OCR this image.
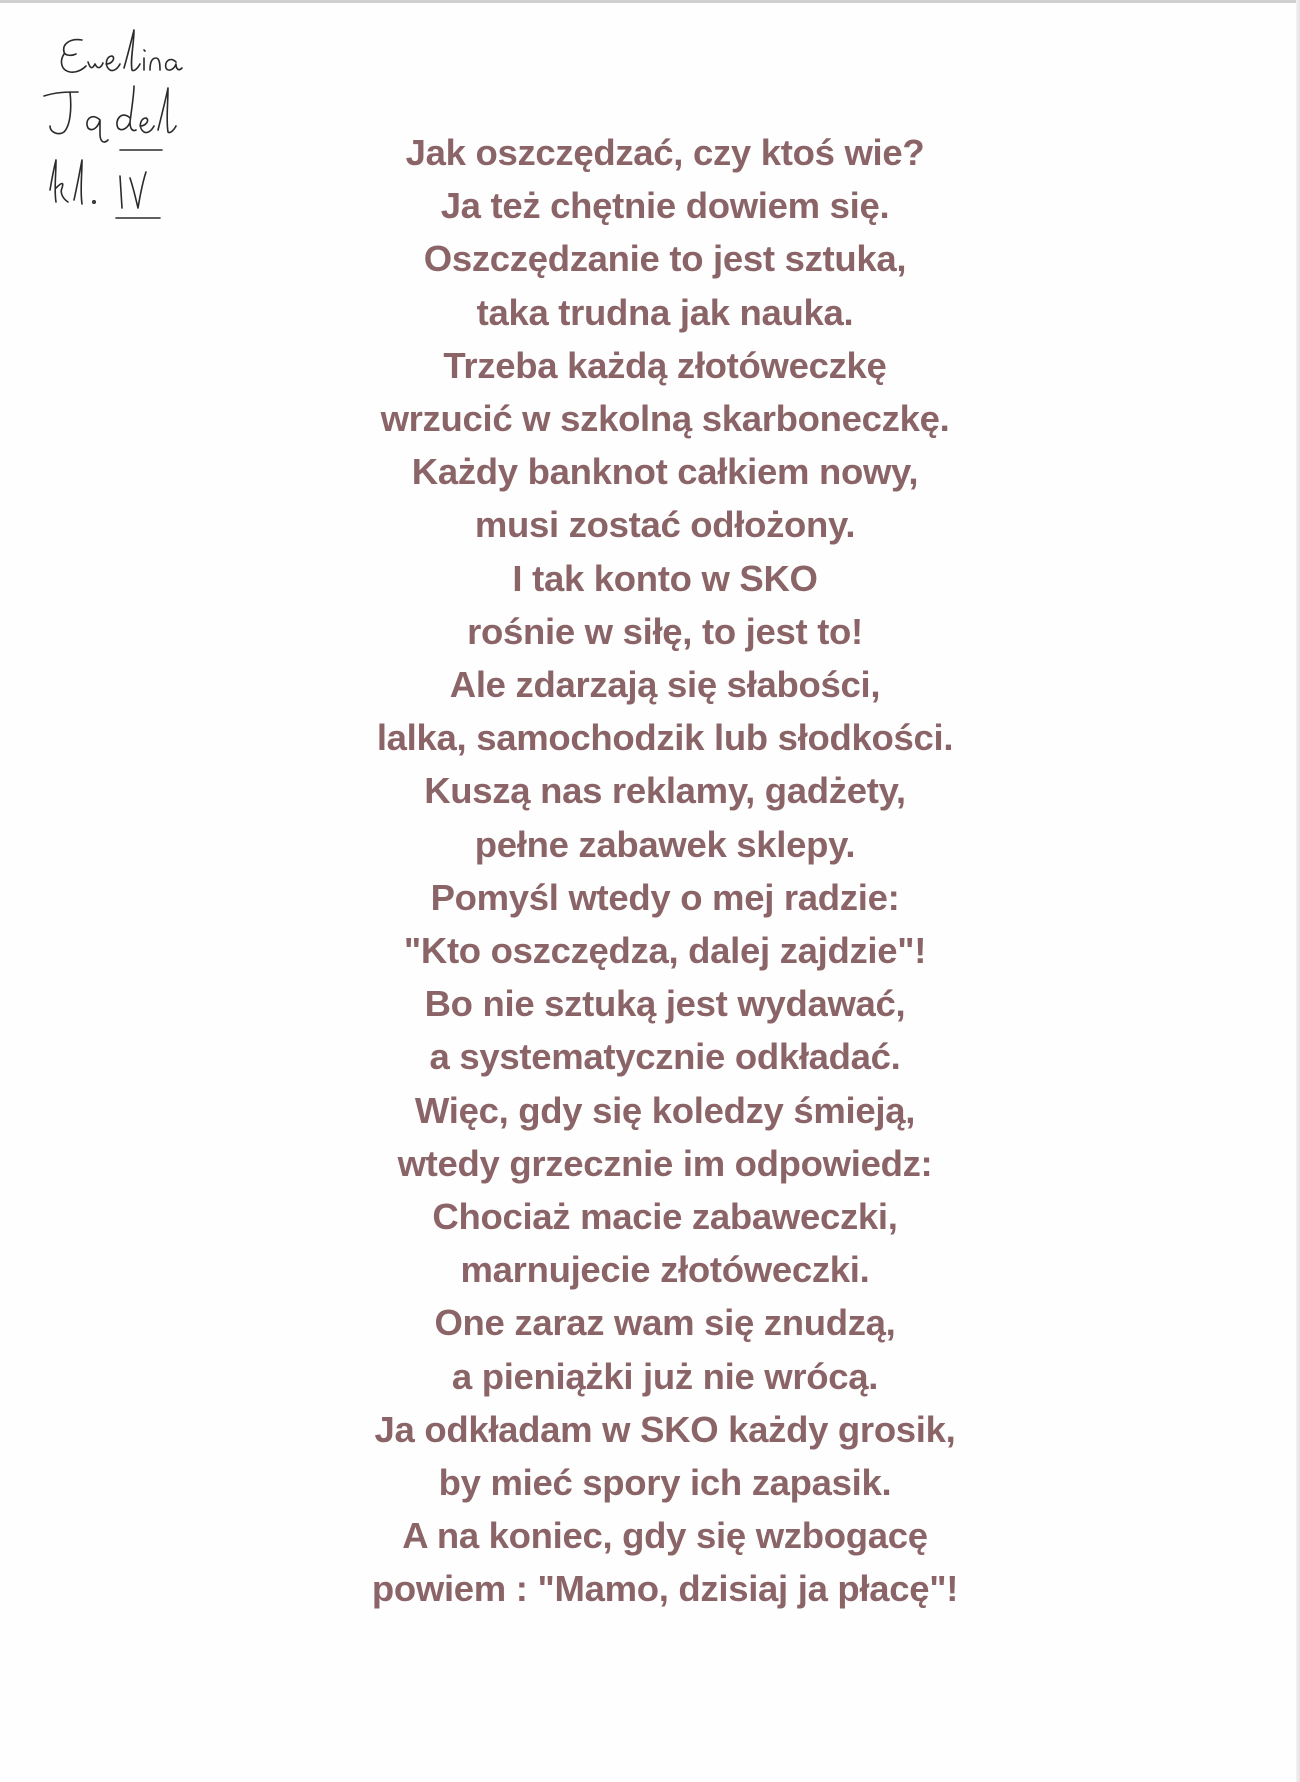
Jak oszczędzać, czy ktoś wie?
Ja też chętnie dowiem się.
Oszczędzanie to jest sztuka,
taka trudna jak nauka.
Trzeba każdą złotóweczkę
wrzucić w szkolną skarboneczkę.
Każdy banknot całkiem nowy,
musi zostać odłożony.
I tak konto w SKO
rośnie w siłę, to jest to!
Ale zdarzają się słabości,
lalka, samochodzik lub słodkości.
Kuszą nas reklamy, gadżety,
pełne zabawek sklepy.
Pomyśl wtedy o mej radzie:
"Kto oszczędza, dalej zajdzie"!
Bo nie sztuką jest wydawać,
a systematycznie odkładać.
Więc, gdy się koledzy śmieją,
wtedy grzecznie im odpowiedz:
Chociaż macie zabaweczki,
marnujecie złotóweczki.
One zaraz wam się znudzą,
a pieniążki już nie wrócą.
Ja odkładam w SKO każdy grosik,
by mieć spory ich zapasik.
A na koniec, gdy się wzbogacę
powiem : "Mamo, dzisiaj ja płacę"!
